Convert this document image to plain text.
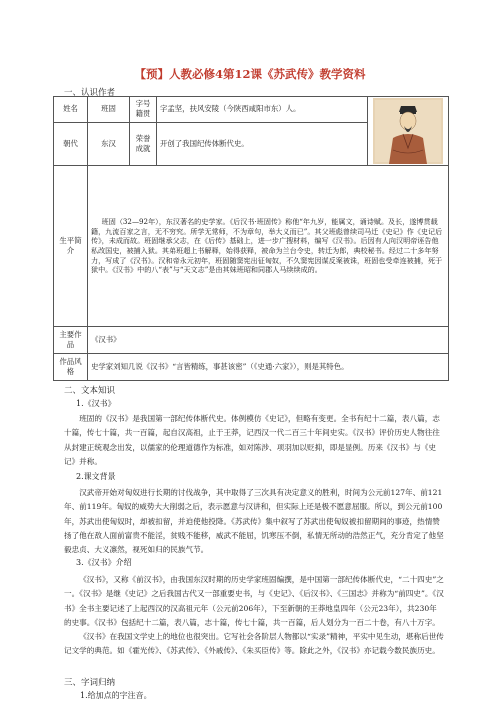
【预】人教必修4第12课《苏武传》教学资料
一、认识作者
姓名	班固	字号籍贯	字孟坚，扶风安陵（今陕西咸阳市东）人。	

朝代	东汉	荣誉成就	开创了我国纪传体断代史。	
生平简介	班固（32—92年），东汉著名的史学家。《后汉书·班固传》称他“年九岁，能属文，诵诗赋。及长，遂博贯载籍，九流百家之言，无不穷究。所学无常师，不为章句，举大义而已”。其父班彪曾续司马迁《史记》作《史记后传》，未成而故。班固继承父志，在《后传》基础上，进一步广搜材料，编写《汉书》。后因有人向汉明帝诬告他私改国史，被捕入狱。其弟班超上书解释，始得获释，被命为兰台令史，转迁为郎，典校秘书。经过二十多年努力，写成了《汉书》。汉和帝永元初年，班固随窦宪出征匈奴，不久窦宪因谋反案被诛，班固也受牵连被捕，死于狱中。《汉书》中的八“表”与“天文志”是由其妹班昭和同郡人马续续成的。			
主要作品	《汉书》			
作品风格	史学家刘知几说《汉书》“言皆精练，事甚该密”（《史通·六家》），则是其特色。			
二、文本知识
1.《汉书》

班固的《汉书》是我国第一部纪传体断代史。体例模仿《史记》，但略有变更。全书有纪十二篇，表八篇，志十篇，传七十篇，共一百篇，起自汉高祖，止于王莽，记西汉一代二百三十年间史实。《汉书》评价历史人物往往从封建正统观念出发，以儒家的伦理道德作为标准，如对陈涉、项羽加以贬抑，即是显例。历来《汉书》与《史记》并称。

2.课文背景

汉武帝开始对匈奴进行长期的讨伐战争，其中取得了三次具有决定意义的胜利，时间为公元前127年、前121年、前119年。匈奴的威势大大削弱之后，表示愿意与汉讲和，但实际上还是极不愿意屈服。所以，到公元前100年，苏武出使匈奴时，却被扣留，并迫使他投降。《苏武传》集中叙写了苏武出使匈奴被扣留期间的事迹，热情赞扬了他在敌人面前富贵不能淫，贫贱不能移，威武不能屈，饥寒压不倒，私情无所动的浩然正气，充分肯定了他坚毅忠贞、大义凛然，视死如归的民族气节。

3.《汉书》介绍

《汉书》，又称《前汉书》，由我国东汉时期的历史学家班固编撰，是中国第一部纪传体断代史，“二十四史”之一。《汉书》是继《史记》之后我国古代又一部重要史书，与《史记》、《后汉书》、《三国志》并称为“前四史”。《汉书》全书主要记述了上起西汉的汉高祖元年（公元前206年），下至新朝的王莽地皇四年（公元23年），共230年的史事。《汉书》包括纪十二篇，表八篇，志十篇，传七十篇，共一百篇，后人划分为一百二十卷，有八十万字。

《汉书》在我国文学史上的地位也很突出。它写社会各阶层人物都以“实录”精神，平实中见生动，堪称后世传记文学的典范。如《霍光传》、《苏武传》、《外戚传》、《朱买臣传》等。除此之外，《汉书》亦记载今数民族历史。

三、字词归纳
1.给加点的字注音。
